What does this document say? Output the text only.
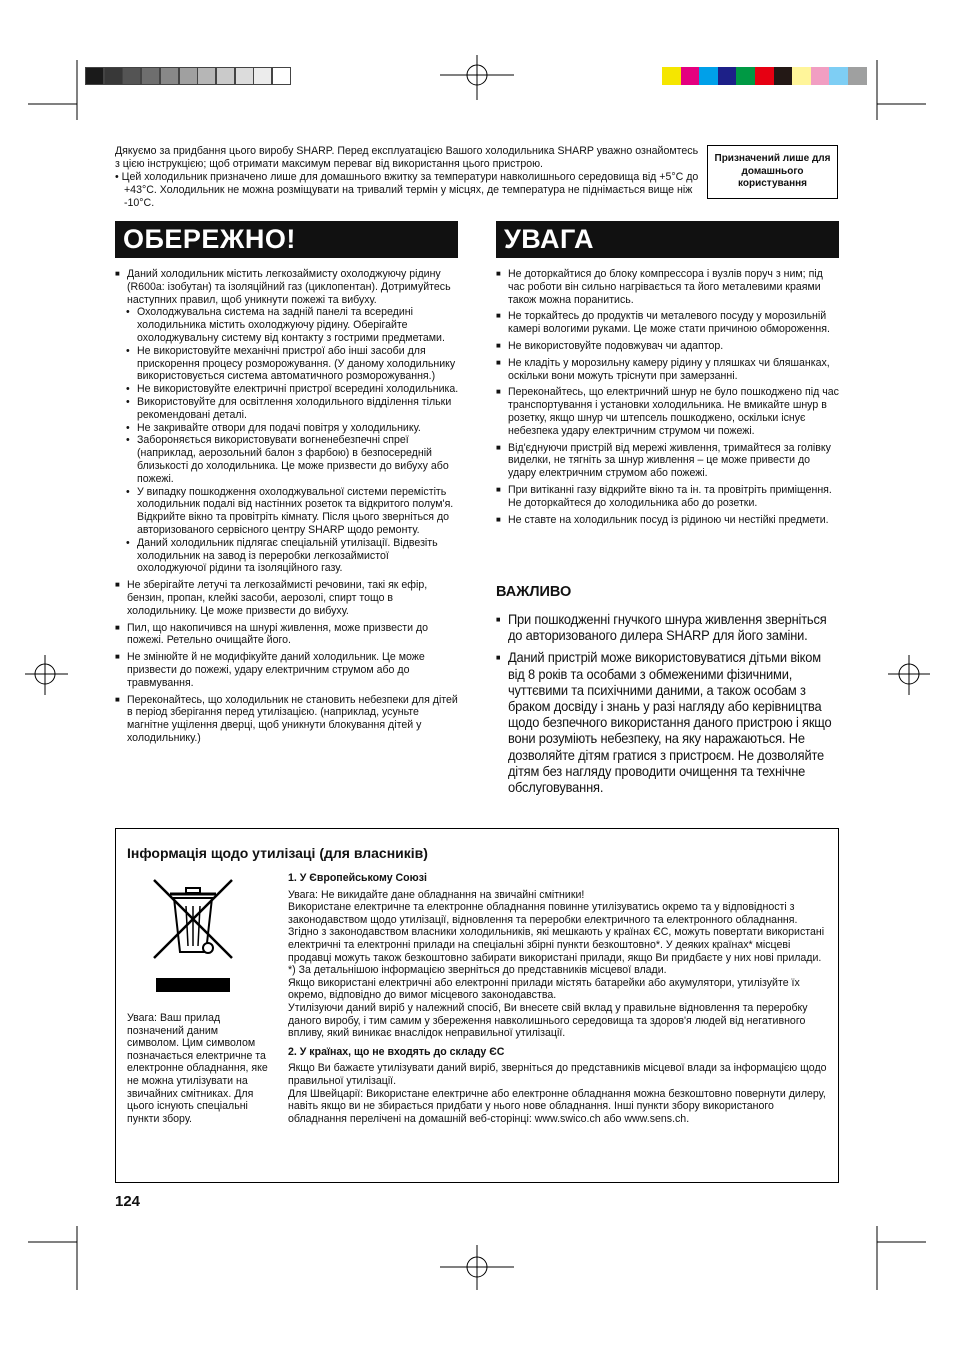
Дякуємо за придбання цього виробу SHARP. Перед експлуатацією Вашого холодильника SHARP уважно ознайомтесь з цією інструкцією; щоб отримати максимум переваг від використання цього пристрою.

• Цей холодильник призначено лише для домашнього вжитку за температури навколишнього середовища від +5°С до +43°С. Холодильник не можна розміщувати на тривалий термін у місцях, де температура не піднімається вище ніж -10°С.

Призначений лише для домашнього користування
ОБЕРЕЖНО!	УВАГА
■ Даний холодильник містить легкозаймисту охолоджуючу рідину (R600a: ізобутан) та ізоляційний газ (циклопентан). Дотримуйтесь наступних правил, щоб уникнути пожежі та вибуху.
• Охолоджувальна система на задній панелі та всередині холодильника містить охолоджуючу рідину. Оберігайте охолоджувальну систему від контакту з гострими предметами.
• Не використовуйте механічні пристрої або інші засоби для прискорення процесу розморожування. (У даному холодильнику використовується система автоматичного розморожування.)
• Не використовуйте електричні пристрої всередині холодильника.
• Використовуйте для освітлення холодильного відділення тільки рекомендовані деталі.
• Не закривайте отвори для подачі повітря у холодильнику.
• Забороняється використовувати вогненебезпечні спреї (наприклад, аерозольний балон з фарбою) в безпосередній близькості до холодильника. Це може призвести до вибуху або пожежі.
• У випадку пошкодження охолоджувальної системи перемістіть холодильник подалі від настінних розеток та відкритого полум'я. Відкрийте вікно та провітріть кімнату. Після цього зверніться до авторизованого сервісного центру SHARP щодо ремонту.
• Даний холодильник підлягає спеціальній утилізації. Відвезіть холодильник на завод із переробки легкозаймистої охолоджуючої рідини та ізоляційного газу.
■ Не зберігайте летучі та легкозаймисті речовини, такі як ефір, бензин, пропан, клейкі засоби, аерозолі, спирт тощо в холодильнику. Це може призвести до вибуху.
■ Пил, що накопичився на шнурі живлення, може призвести до пожежі. Ретельно очищайте його.
■ Не змінюйте й не модифікуйте даний холодильник. Це може призвести до пожежі, удару електричним струмом або до травмування.
■ Переконайтесь, що холодильник не становить небезпеки для дітей в період зберігання перед утилізацією. (наприклад, усуньте магнітне ущілення дверці, щоб уникнути блокування дітей у холодильнику.)
■ Не доторкайтися до блоку компрессора і вузлів поруч з ним; під час роботи він сильно нагрівається та його металевими краями також можна поранитись.
■ Не торкайтесь до продуктів чи металевого посуду у морозильній камері вологими руками. Це може стати причиною обмороження.
■ Не використовуйте подовжувач чи адаптор.
■ Не кладіть у морозильну камеру рідину у пляшках чи бляшанках, оскільки вони можуть тріснути при замерзанні.
■ Переконайтесь, що електричний шнур не було пошкоджено під час транспортування і установки холодильника. Не вмикайте шнур в розетку, якщо шнур чи штепсель пошкоджено, оскільки існує небезпека удару електричним струмом чи пожежі.
■ Від'єднуючи пристрій від мережі живлення, тримайтеся за голівку виделки, не тягніть за шнур живлення – це може привести до удару електричним струмом або пожежі.
■ При витіканні газу відкрийте вікно та ін. та провітріть приміщення. Не доторкайтеся до холодильника або до розетки.
■ Не ставте на холодильник посуд із рідиною чи нестійкі предмети.
ВАЖЛИВО
■ При пошкодженні гнучкого шнура живлення зверніться до авторизованого дилера SHARP для його заміни.
■ Даний пристрій може використовуватися дітьми віком від 8 років та особами з обмеженими фізичними, чуттєвими та психічними даними, а також особам з браком досвіду і знань у разі нагляду або керівництва щодо безпечного використання даного пристрою і якщо вони розуміють небезпеку, на яку наражаються. Не дозволяйте дітям гратися з пристроєм. Не дозволяйте дітям без нагляду проводити очищення та технічне обслуговування.
Інформація щодо утилізаці (для власників)
Увага: Ваш прилад позначений даним символом. Цим символом позначається електричне та електронне обладнання, яке не можна утилізувати на звичайних смітниках. Для цього існують спеціальні пункти збору.

1. У Європейському Союзі

Увага: Не викидайте дане обладнання на звичайні смітники!

Використане електричне та електронне обладнання повинне утилізуватись окремо та у відповідності з законодавством щодо утилізації, відновлення та переробки електричного та електронного обладнання.

Згідно з законодавством власники холодильників, які мешкають у країнах ЄС, можуть повертати використані електричні та електронні прилади на спеціальні збірні пункти безкоштовно*. У деяких країнах* місцеві продавці можуть також безкоштовно забирати використані прилади, якщо Ви придбаєте у них нові прилади.

*) За детальнішою інформацією зверніться до представників місцевої влади.

Якщо використані електричні або електронні прилади містять батарейки або акумулятори, утилізуйте їх окремо, відповідно до вимог місцевого законодавства.

Утилізуючи даний виріб у належний спосіб, Ви внесете свій вклад у правильне відновлення та переробку даного виробу, і тим самим у збереження навколишнього середовища та здоров'я людей від негативного впливу, який виникає внаслідок неправильної утилізації.

2. У країнах, що не входять до складу ЄС

Якщо Ви бажаєте утилізувати даний виріб, зверніться до представників місцевої влади за інформацією щодо правильної утилізації.

Для Швейцарії: Використане електричне або електронне обладнання можна безкоштовно повернути дилеру, навіть якщо ви не збирається придбати у нього нове обладнання. Інші пункти збору використаного обладнання перелічені на домашній веб-сторінці: www.swico.ch або www.sens.ch.

124
